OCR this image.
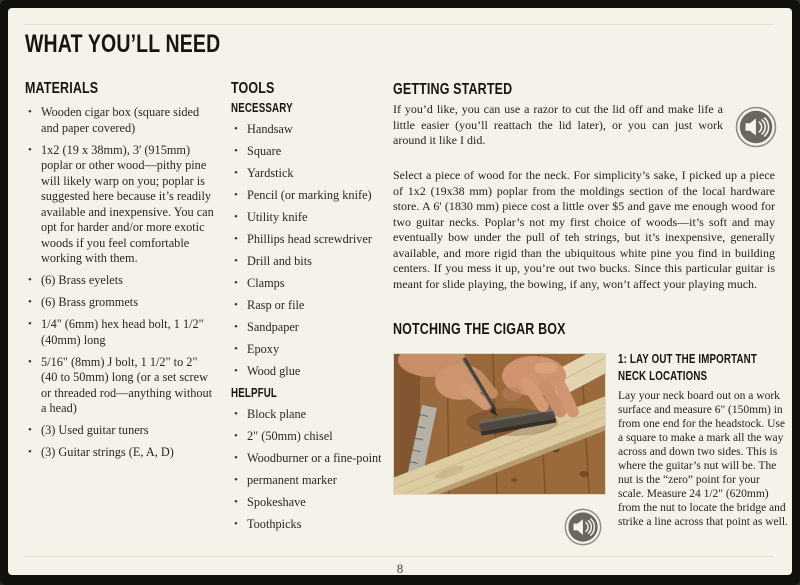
WHAT YOU’LL NEED
MATERIALS
• Wooden cigar box (square sided and paper covered)
• 1x2 (19 x 38mm), 3' (915mm) poplar or other wood—pithy pine will likely warp on you; poplar is suggested here because it’s readily available and inexpensive. You can opt for harder and/or more exotic woods if you feel comfortable working with them.
• (6) Brass eyelets
• (6) Brass grommets
• 1/4" (6mm) hex head bolt, 1 1/2" (40mm) long
• 5/16" (8mm) J bolt, 1 1/2" to 2" (40 to 50mm) long (or a set screw or threaded rod—anything without a head)
• (3) Used guitar tuners
• (3) Guitar strings (E, A, D)
TOOLS
NECESSARY
• Handsaw
• Square
• Yardstick
• Pencil (or marking knife)
• Utility knife
• Phillips head screwdriver
• Drill and bits
• Clamps
• Rasp or file
• Sandpaper
• Epoxy
• Wood glue
HELPFUL
• Block plane
• 2" (50mm) chisel
• Woodburner or a fine-point
• permanent marker
• Spokeshave
• Toothpicks
GETTING STARTED

If you’d like, you can use a razor to cut the lid off and make life a little easier (you’ll reattach the lid later), or you can just work around it like I did.

Select a piece of wood for the neck. For simplicity’s sake, I picked up a piece of 1x2 (19x38 mm) poplar from the moldings section of the local hardware store. A 6' (1830 mm) piece cost a little over $5 and gave me enough wood for two guitar necks. Poplar’s not my first choice of woods—it’s soft and may eventually bow under the pull of teh strings, but it’s inexpensive, generally available, and more rigid than the ubiquitous white pine you find in building centers. If you mess it up, you’re out two bucks. Since this particular guitar is meant for slide playing, the bowing, if any, won’t affect your playing much.

NOTCHING THE CIGAR BOX
1: LAY OUT THE IMPORTANT NECK LOCATIONS

Lay your neck board out on a work surface and measure 6" (150mm) in from one end for the headstock. Use a square to make a mark all the way across and down two sides. This is where the guitar’s nut will be. The nut is the “zero” point for your scale. Measure 24 1/2" (620mm) from the nut to locate the bridge and strike a line across that point as well.

8
